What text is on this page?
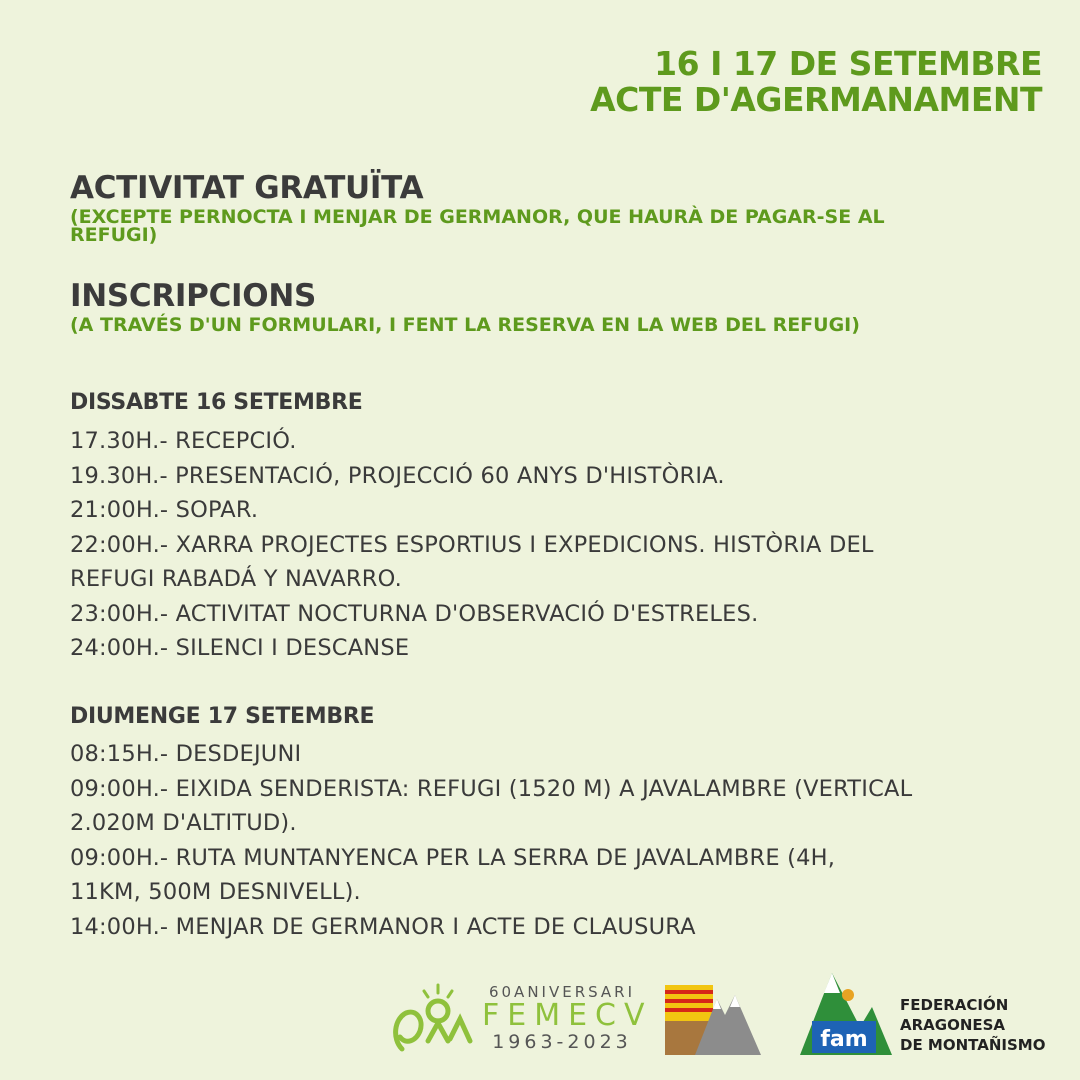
16 I 17 DE SETEMBRE
ACTE D'AGERMANAMENT
ACTIVITAT GRATUÏTA
(EXCEPTE PERNOCTA I MENJAR DE GERMANOR, QUE HAURÀ DE PAGAR-SE AL
REFUGI)
INSCRIPCIONS
(A TRAVÉS D'UN FORMULARI, I FENT LA RESERVA EN LA WEB DEL REFUGI)
DISSABTE 16 SETEMBRE
17.30H.- RECEPCIÓ.
19.30H.- PRESENTACIÓ, PROJECCIÓ 60 ANYS D'HISTÒRIA.
21:00H.- SOPAR.
22:00H.- XARRA PROJECTES ESPORTIUS I EXPEDICIONS. HISTÒRIA DEL
REFUGI RABADÁ Y NAVARRO.
23:00H.- ACTIVITAT NOCTURNA D'OBSERVACIÓ D'ESTRELES.
24:00H.- SILENCI I DESCANSE
DIUMENGE 17 SETEMBRE
08:15H.- DESDEJUNI
09:00H.- EIXIDA SENDERISTA: REFUGI (1520 M) A JAVALAMBRE (VERTICAL
2.020M D'ALTITUD).
09:00H.- RUTA MUNTANYENCA PER LA SERRA DE JAVALAMBRE (4H,
11KM, 500M DESNIVELL).
14:00H.- MENJAR DE GERMANOR I ACTE DE CLAUSURA
60ANIVERSARI
FEMECV
1963-2023	fam
FEDERACIÓN
ARAGONESA
DE MONTAÑISMO
